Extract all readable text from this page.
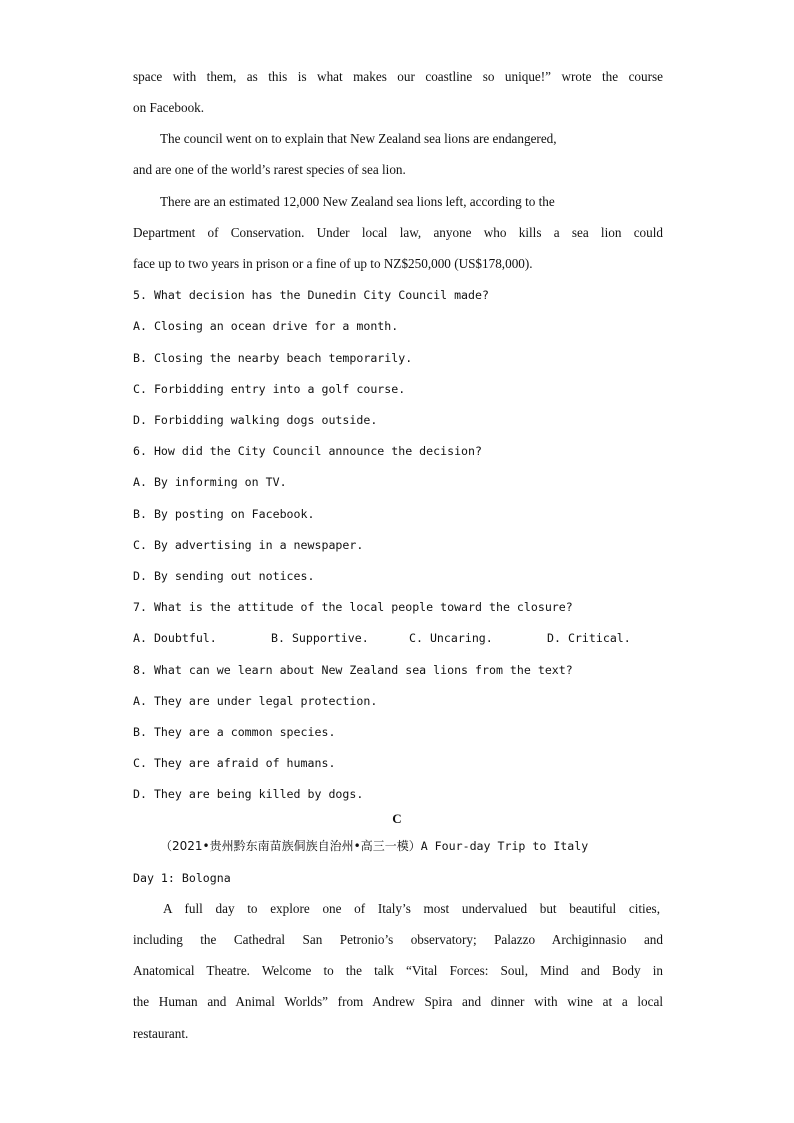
space with them, as this is what makes our coastline so unique!ˮ wrote the course
on Facebook.
The council went on to explain that New Zealand sea lions are endangered,
and are one of the world’s rarest species of sea lion.
There are an estimated 12,000 New Zealand sea lions left, according to the
Department of Conservation. Under local law, anyone who kills a sea lion could
face up to two years in prison or a fine of up to NZ$250,000 (US$178,000).
5. What decision has the Dunedin City Council made?
A. Closing an ocean drive for a month.
B. Closing the nearby beach temporarily.
C. Forbidding entry into a golf course.
D. Forbidding walking dogs outside.
6. How did the City Council announce the decision?
A. By informing on TV.
B. By posting on Facebook.
C. By advertising in a newspaper.
D. By sending out notices.
7. What is the attitude of the local people toward the closure?
A. Doubtful.	B. Supportive.	C. Uncaring.	D. Critical.
8. What can we learn about New Zealand sea lions from the text?
A. They are under legal protection.
B. They are a common species.
C. They are afraid of humans.
D. They are being killed by dogs.
C
（2021•贵州黔东南苗族侗族自治州•高三一模）A Four-day Trip to Italy
Day 1: Bologna
A full day to explore one of Italy’s most undervalued but beautiful cities,
including the Cathedral San Petronio’s observatory; Palazzo Archiginnasio and
Anatomical Theatre. Welcome to the talk “Vital Forces: Soul, Mind and Body in
the Human and Animal Worldsˮ from Andrew Spira and dinner with wine at a local
restaurant.
